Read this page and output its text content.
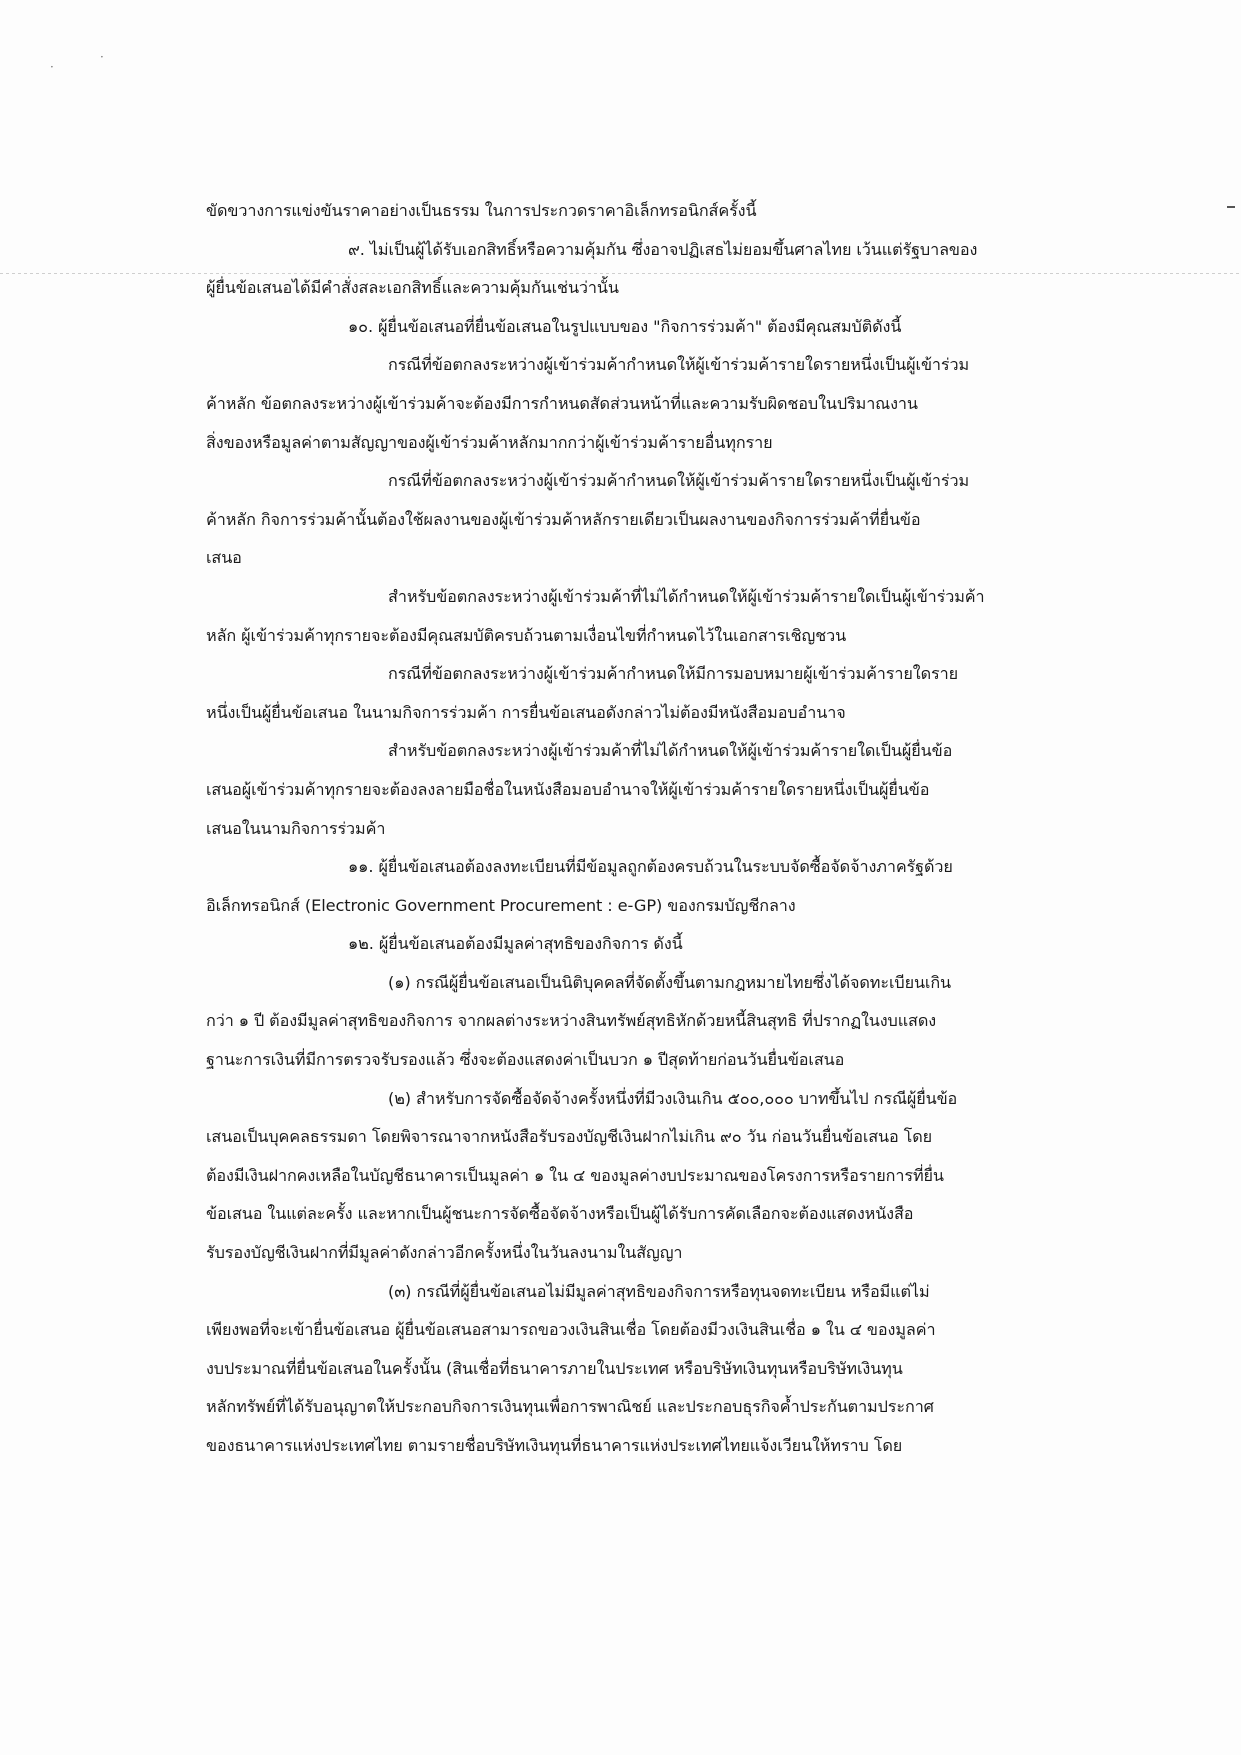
·
·
ขัดขวางการแข่งขันราคาอย่างเป็นธรรม ในการประกวดราคาอิเล็กทรอนิกส์ครั้งนี้
๙. ไม่เป็นผู้ได้รับเอกสิทธิ์หรือความคุ้มกัน ซึ่งอาจปฏิเสธไม่ยอมขึ้นศาลไทย เว้นแต่รัฐบาลของ
ผู้ยื่นข้อเสนอได้มีคำสั่งสละเอกสิทธิ์และความคุ้มกันเช่นว่านั้น
๑๐. ผู้ยื่นข้อเสนอที่ยื่นข้อเสนอในรูปแบบของ "กิจการร่วมค้า" ต้องมีคุณสมบัติดังนี้
กรณีที่ข้อตกลงระหว่างผู้เข้าร่วมค้ากำหนดให้ผู้เข้าร่วมค้ารายใดรายหนึ่งเป็นผู้เข้าร่วม
ค้าหลัก ข้อตกลงระหว่างผู้เข้าร่วมค้าจะต้องมีการกำหนดสัดส่วนหน้าที่และความรับผิดชอบในปริมาณงาน
สิ่งของหรือมูลค่าตามสัญญาของผู้เข้าร่วมค้าหลักมากกว่าผู้เข้าร่วมค้ารายอื่นทุกราย
กรณีที่ข้อตกลงระหว่างผู้เข้าร่วมค้ากำหนดให้ผู้เข้าร่วมค้ารายใดรายหนึ่งเป็นผู้เข้าร่วม
ค้าหลัก กิจการร่วมค้านั้นต้องใช้ผลงานของผู้เข้าร่วมค้าหลักรายเดียวเป็นผลงานของกิจการร่วมค้าที่ยื่นข้อ
เสนอ
สำหรับข้อตกลงระหว่างผู้เข้าร่วมค้าที่ไม่ได้กำหนดให้ผู้เข้าร่วมค้ารายใดเป็นผู้เข้าร่วมค้า
หลัก ผู้เข้าร่วมค้าทุกรายจะต้องมีคุณสมบัติครบถ้วนตามเงื่อนไขที่กำหนดไว้ในเอกสารเชิญชวน
กรณีที่ข้อตกลงระหว่างผู้เข้าร่วมค้ากำหนดให้มีการมอบหมายผู้เข้าร่วมค้ารายใดราย
หนึ่งเป็นผู้ยื่นข้อเสนอ ในนามกิจการร่วมค้า การยื่นข้อเสนอดังกล่าวไม่ต้องมีหนังสือมอบอำนาจ
สำหรับข้อตกลงระหว่างผู้เข้าร่วมค้าที่ไม่ได้กำหนดให้ผู้เข้าร่วมค้ารายใดเป็นผู้ยื่นข้อ
เสนอผู้เข้าร่วมค้าทุกรายจะต้องลงลายมือชื่อในหนังสือมอบอำนาจให้ผู้เข้าร่วมค้ารายใดรายหนึ่งเป็นผู้ยื่นข้อ
เสนอในนามกิจการร่วมค้า
๑๑. ผู้ยื่นข้อเสนอต้องลงทะเบียนที่มีข้อมูลถูกต้องครบถ้วนในระบบจัดซื้อจัดจ้างภาครัฐด้วย
อิเล็กทรอนิกส์ (Electronic Government Procurement : e-GP) ของกรมบัญชีกลาง
๑๒. ผู้ยื่นข้อเสนอต้องมีมูลค่าสุทธิของกิจการ ดังนี้
(๑) กรณีผู้ยื่นข้อเสนอเป็นนิติบุคคลที่จัดตั้งขึ้นตามกฎหมายไทยซึ่งได้จดทะเบียนเกิน
กว่า ๑ ปี ต้องมีมูลค่าสุทธิของกิจการ จากผลต่างระหว่างสินทรัพย์สุทธิหักด้วยหนี้สินสุทธิ ที่ปรากฏในงบแสดง
ฐานะการเงินที่มีการตรวจรับรองแล้ว ซึ่งจะต้องแสดงค่าเป็นบวก ๑ ปีสุดท้ายก่อนวันยื่นข้อเสนอ
(๒) สำหรับการจัดซื้อจัดจ้างครั้งหนึ่งที่มีวงเงินเกิน ๕๐๐,๐๐๐ บาทขึ้นไป กรณีผู้ยื่นข้อ
เสนอเป็นบุคคลธรรมดา โดยพิจารณาจากหนังสือรับรองบัญชีเงินฝากไม่เกิน ๙๐ วัน ก่อนวันยื่นข้อเสนอ โดย
ต้องมีเงินฝากคงเหลือในบัญชีธนาคารเป็นมูลค่า ๑ ใน ๔ ของมูลค่างบประมาณของโครงการหรือรายการที่ยื่น
ข้อเสนอ ในแต่ละครั้ง และหากเป็นผู้ชนะการจัดซื้อจัดจ้างหรือเป็นผู้ได้รับการคัดเลือกจะต้องแสดงหนังสือ
รับรองบัญชีเงินฝากที่มีมูลค่าดังกล่าวอีกครั้งหนึ่งในวันลงนามในสัญญา
(๓) กรณีที่ผู้ยื่นข้อเสนอไม่มีมูลค่าสุทธิของกิจการหรือทุนจดทะเบียน หรือมีแต่ไม่
เพียงพอที่จะเข้ายื่นข้อเสนอ ผู้ยื่นข้อเสนอสามารถขอวงเงินสินเชื่อ โดยต้องมีวงเงินสินเชื่อ ๑ ใน ๔ ของมูลค่า
งบประมาณที่ยื่นข้อเสนอในครั้งนั้น (สินเชื่อที่ธนาคารภายในประเทศ หรือบริษัทเงินทุนหรือบริษัทเงินทุน
หลักทรัพย์ที่ได้รับอนุญาตให้ประกอบกิจการเงินทุนเพื่อการพาณิชย์ และประกอบธุรกิจค้ำประกันตามประกาศ
ของธนาคารแห่งประเทศไทย ตามรายชื่อบริษัทเงินทุนที่ธนาคารแห่งประเทศไทยแจ้งเวียนให้ทราบ โดย
